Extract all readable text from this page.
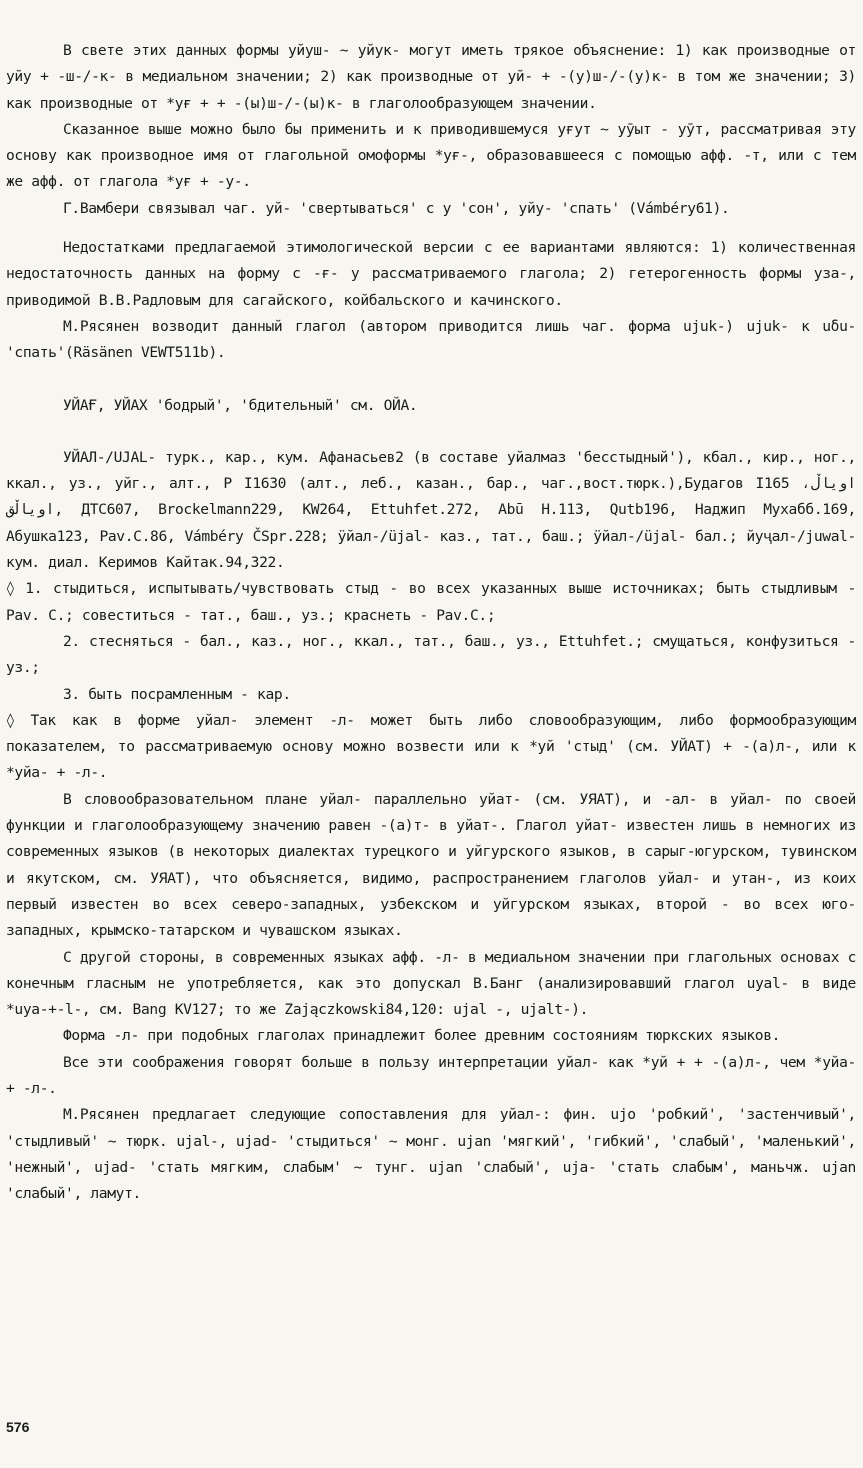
В свете этих данных формы уйуш- ~ уйук- могут иметь трякое объяснение: 1) как производные от уйу + -ш-/-к- в медиальном значении; 2) как производные от уй- + -(у)ш-/-(у)к- в том же значении; 3) как производные от *уғ + + -(ы)ш-/-(ы)к- в глаголообразующем значении.

Сказанное выше можно было бы применить и к приводившемуся уғут ~ уӯыт - уӯт, рассматривая эту основу как производное имя от глагольной омоформы *уғ-, образовавшееся с помощью афф. -т, или с тем же афф. от глагола *уғ + -у-.

Г.Вамбери связывал чаг. уй- 'свертываться' с у 'сон', уйу- 'спать' (Vámbéry61).

Недостатками предлагаемой этимологической версии с ее вариантами являются: 1) количественная недостаточность данных на форму с -ғ- у рассматриваемого глагола; 2) гетерогенность формы узa-, приводимой В.В.Радловым для сагайского, койбальского и качинского.

М.Рясянен возводит данный глагол (автором приводится лишь чаг. форма ujuk-) ujuk- к uδu-'спать'(Räsänen VEWT511b).

УЙАҒ, УЙАХ 'бодрый', 'бдительный' см. ОЙА.

УЙАЛ-/UJAL- турк., кар., кум. Афанасьев2 (в составе уйалмаз 'бесстыдный'), кбал., кир., ног., ккал., уз., уйг., алт., Р I1630 (алт., леб., казан., бар., чаг.,вост.тюрк.),Будагов I165 اوياڵ، اوياڵق, ДТС607, Brockelmann229, KW264, Ettuhfet.272, Abū H.113, Qutb196, Наджип Мухабб.169, Абушка123, Pav.C.86, Vámbéry ČSpr.228; ӱйал-/üjal- каз., тат., баш.; ӱйал-/üjal- бал.; йуҷал-/juwal- кум. диал. Керимов Кайтак.94,322.

◊ 1. стыдиться, испытывать/чувствовать стыд - во всех указанных выше источниках; быть стыдливым - Pav. C.; совеститься - тат., баш., уз.; краснеть - Pav.C.;

2. стесняться - бал., каз., ног., ккал., тат., баш., уз., Ettuhfet.; смущаться, конфузиться - уз.;

3. быть посрамленным - кар.

◊ Так как в форме уйал- элемент -л- может быть либо словообразующим, либо формообразующим показателем, то рассматриваемую основу можно возвести или к *уй 'стыд' (см. УЙАТ) + -(а)л-, или к *уйа- + -л-.

В словообразовательном плане уйал- параллельно уйат- (см. УЯАТ), и -ал- в уйал- по своей функции и глаголообразующему значению равен -(а)т- в уйат-. Глагол уйат- известен лишь в немногих из современных языков (в некоторых диалектах турецкого и уйгурского языков, в сарыг-югурском, тувинском и якутском, см. УЯАТ), что объясняется, видимо, распространением глаголов уйал- и утан-, из коих первый известен во всех северо-западных, узбекском и уйгурском языках, второй - во всех юго-западных, крымско-татарском и чувашском языках.

С другой стороны, в современных языках афф. -л- в медиальном значении при глагольных основах с конечным гласным не употребляется, как это допускал В.Банг (анализировавший глагол uyal- в виде *uya-+-l-, см. Bang KV127; то же Zajączkowski84,120: ujal -, ujalt-).

Форма -л- при подобных глаголах принадлежит более древним состояниям тюркских языков.

Все эти соображения говорят больше в пользу интерпретации уйал- как *уй + + -(а)л-, чем *уйа- + -л-.

М.Рясянен предлагает следующие сопоставления для уйал-: фин. ujo 'робкий', 'застенчивый', 'стыдливый' ~ тюрк. ujal-, ujad- 'стыдиться' ~ монг. ujan 'мягкий', 'гибкий', 'слабый', 'маленький', 'нежный', ujad- 'стать мягким, слабым' ~ тунг. ujan 'слабый', uja- 'стать слабым', маньчж. ujan 'слабый', ламут.

576
